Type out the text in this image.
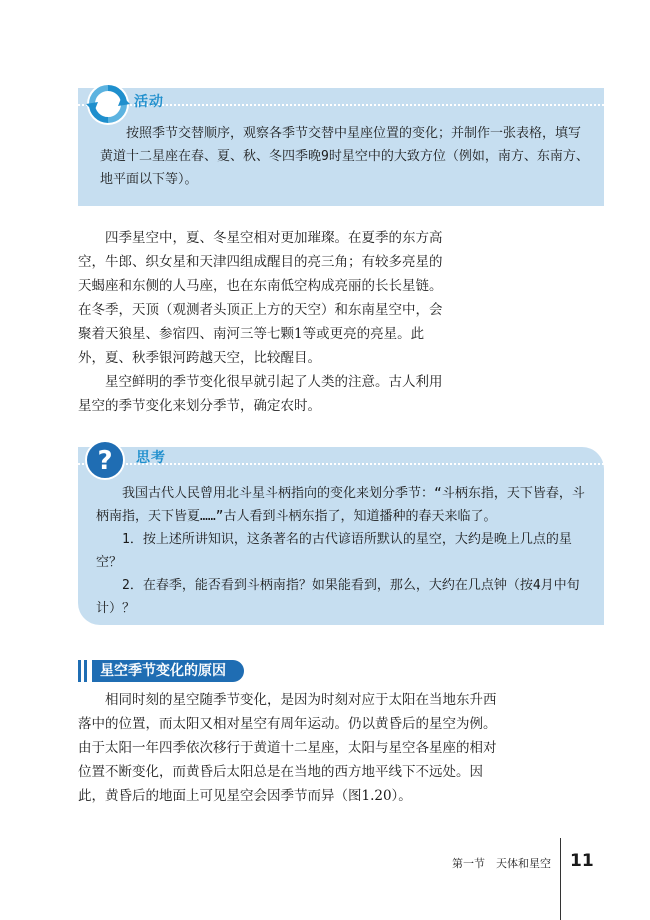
活动

按照季节交替顺序，观察各季节交替中星座位置的变化；并制作一张表格，填写黄道十二星座在春、夏、秋、冬四季晚9时星空中的大致方位（例如，南方、东南方、地平面以下等）。

四季星空中，夏、冬星空相对更加璀璨。在夏季的东方高空，牛郎、织女星和天津四组成醒目的亮三角；有较多亮星的天蝎座和东侧的人马座，也在东南低空构成亮丽的长长星链。在冬季，天顶（观测者头顶正上方的天空）和东南星空中，会聚着天狼星、参宿四、南河三等七颗1等或更亮的亮星。此外，夏、秋季银河跨越天空，比较醒目。

星空鲜明的季节变化很早就引起了人类的注意。古人利用星空的季节变化来划分季节，确定农时。

? 思考

我国古代人民曾用北斗星斗柄指向的变化来划分季节：“斗柄东指，天下皆春，斗柄南指，天下皆夏……”古人看到斗柄东指了，知道播种的春天来临了。

1．按上述所讲知识，这条著名的古代谚语所默认的星空，大约是晚上几点的星空？

2．在春季，能否看到斗柄南指？如果能看到，那么，大约在几点钟（按4月中旬计）？

星空季节变化的原因

相同时刻的星空随季节变化，是因为时刻对应于太阳在当地东升西落中的位置，而太阳又相对星空有周年运动。仍以黄昏后的星空为例。由于太阳一年四季依次移行于黄道十二星座，太阳与星空各星座的相对位置不断变化，而黄昏后太阳总是在当地的西方地平线下不远处。因此，黄昏后的地面上可见星空会因季节而异（图1.20）。

第一节　天体和星空 11
